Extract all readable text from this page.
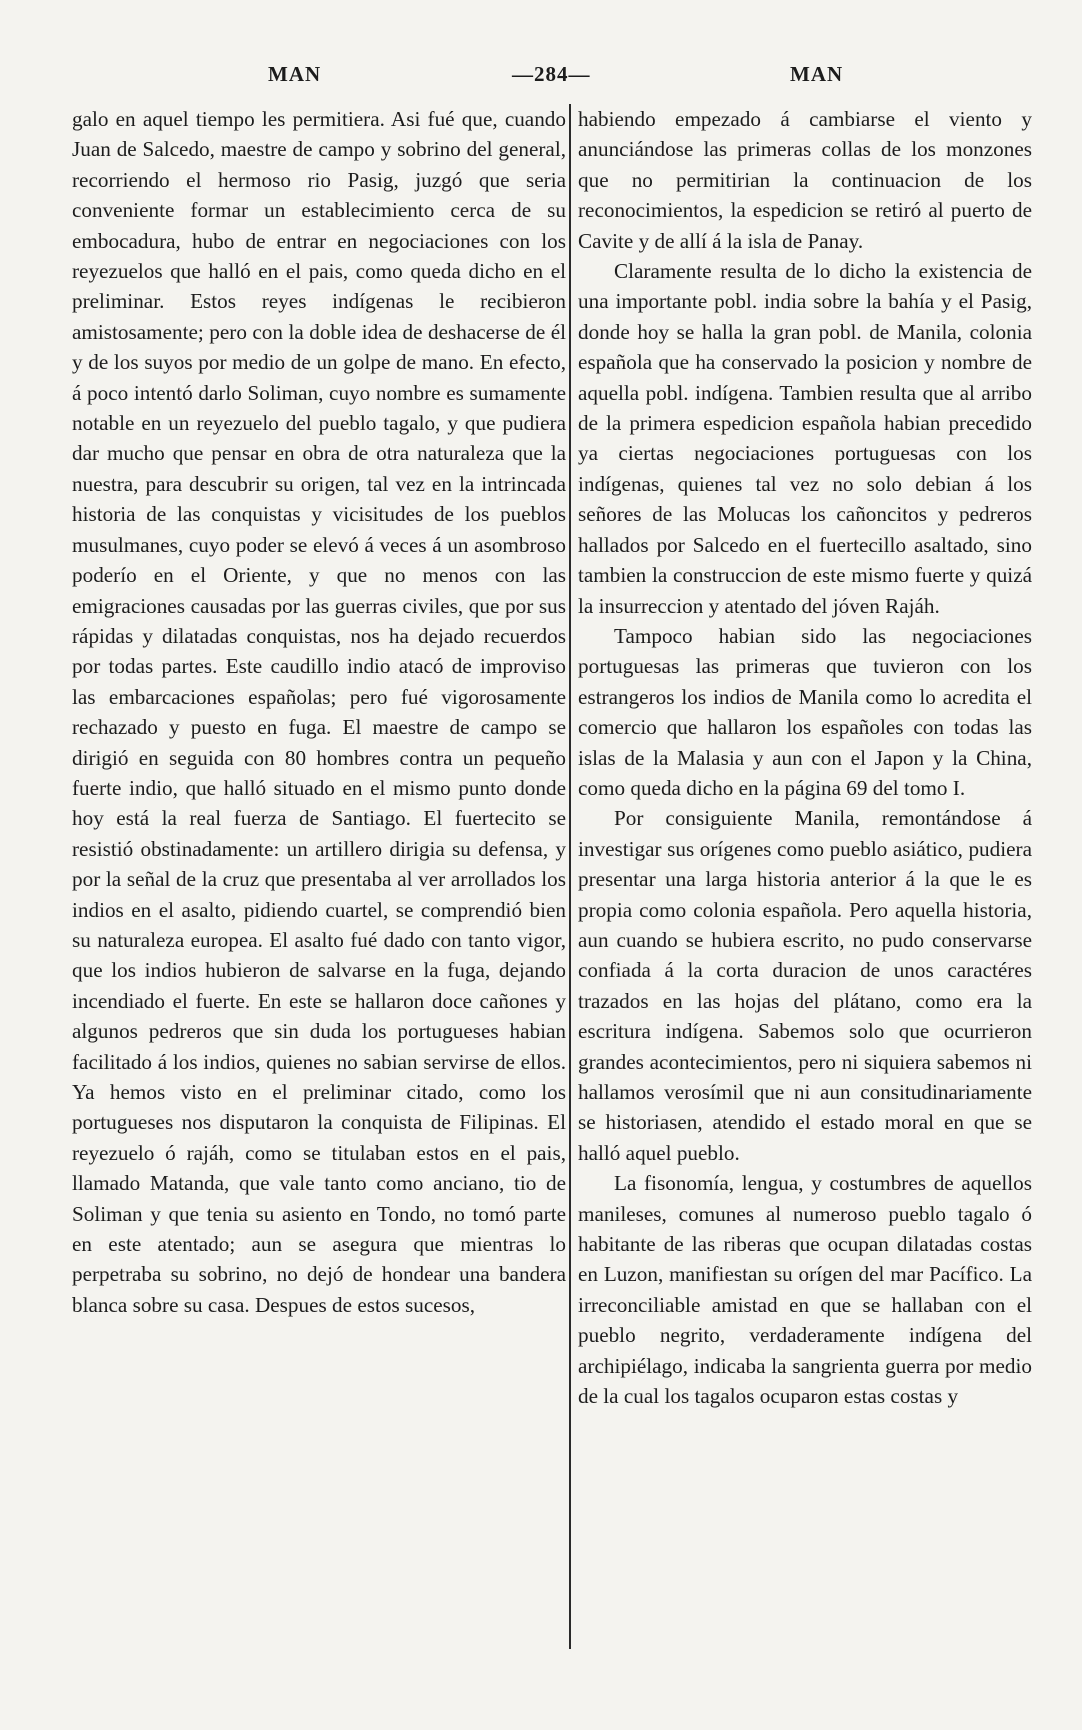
MAN	—284—	MAN

galo en aquel tiempo les permitiera. Asi fué que, cuando Juan de Salcedo, maestre de campo y sobrino del general, recorriendo el hermoso rio Pasig, juzgó que seria conveniente formar un establecimiento cerca de su embocadura, hubo de entrar en negociaciones con los reyezuelos que halló en el pais, como queda dicho en el preliminar. Estos reyes indígenas le recibieron amistosamente; pero con la doble idea de deshacerse de él y de los suyos por medio de un golpe de mano. En efecto, á poco intentó darlo Soliman, cuyo nombre es sumamente notable en un reyezuelo del pueblo tagalo, y que pudiera dar mucho que pensar en obra de otra naturaleza que la nuestra, para descubrir su origen, tal vez en la intrincada historia de las conquistas y vicisitudes de los pueblos musulmanes, cuyo poder se elevó á veces á un asombroso poderío en el Oriente, y que no menos con las emigraciones causadas por las guerras civiles, que por sus rápidas y dilatadas conquistas, nos ha dejado recuerdos por todas partes. Este caudillo indio atacó de improviso las embarcaciones españolas; pero fué vigorosamente rechazado y puesto en fuga. El maestre de campo se dirigió en seguida con 80 hombres contra un pequeño fuerte indio, que halló situado en el mismo punto donde hoy está la real fuerza de Santiago. El fuertecito se resistió obstinadamente: un artillero dirigia su defensa, y por la señal de la cruz que presentaba al ver arrollados los indios en el asalto, pidiendo cuartel, se comprendió bien su naturaleza europea. El asalto fué dado con tanto vigor, que los indios hubieron de salvarse en la fuga, dejando incendiado el fuerte. En este se hallaron doce cañones y algunos pedreros que sin duda los portugueses habian facilitado á los indios, quienes no sabian servirse de ellos. Ya hemos visto en el preliminar citado, como los portugueses nos disputaron la conquista de Filipinas. El reyezuelo ó rajáh, como se titulaban estos en el pais, llamado Matanda, que vale tanto como anciano, tio de Soliman y que tenia su asiento en Tondo, no tomó parte en este atentado; aun se asegura que mientras lo perpetraba su sobrino, no dejó de hondear una bandera blanca sobre su casa. Despues de estos sucesos,

habiendo empezado á cambiarse el viento y anunciándose las primeras collas de los monzones que no permitirian la continuacion de los reconocimientos, la espedicion se retiró al puerto de Cavite y de allí á la isla de Panay.

Claramente resulta de lo dicho la existencia de una importante pobl. india sobre la bahía y el Pasig, donde hoy se halla la gran pobl. de Manila, colonia española que ha conservado la posicion y nombre de aquella pobl. indígena. Tambien resulta que al arribo de la primera espedicion española habian precedido ya ciertas negociaciones portuguesas con los indígenas, quienes tal vez no solo debian á los señores de las Molucas los cañoncitos y pedreros hallados por Salcedo en el fuertecillo asaltado, sino tambien la construccion de este mismo fuerte y quizá la insurreccion y atentado del jóven Rajáh.

Tampoco habian sido las negociaciones portuguesas las primeras que tuvieron con los estrangeros los indios de Manila como lo acredita el comercio que hallaron los españoles con todas las islas de la Malasia y aun con el Japon y la China, como queda dicho en la página 69 del tomo I.

Por consiguiente Manila, remontándose á investigar sus orígenes como pueblo asiático, pudiera presentar una larga historia anterior á la que le es propia como colonia española. Pero aquella historia, aun cuando se hubiera escrito, no pudo conservarse confiada á la corta duracion de unos caractéres trazados en las hojas del plátano, como era la escritura indígena. Sabemos solo que ocurrieron grandes acontecimientos, pero ni siquiera sabemos ni hallamos verosímil que ni aun consitudinariamente se historiasen, atendido el estado moral en que se halló aquel pueblo.

La fisonomía, lengua, y costumbres de aquellos manileses, comunes al numeroso pueblo tagalo ó habitante de las riberas que ocupan dilatadas costas en Luzon, manifiestan su orígen del mar Pacífico. La irreconciliable amistad en que se hallaban con el pueblo negrito, verdaderamente indígena del archipiélago, indicaba la sangrienta guerra por medio de la cual los tagalos ocuparon estas costas y
